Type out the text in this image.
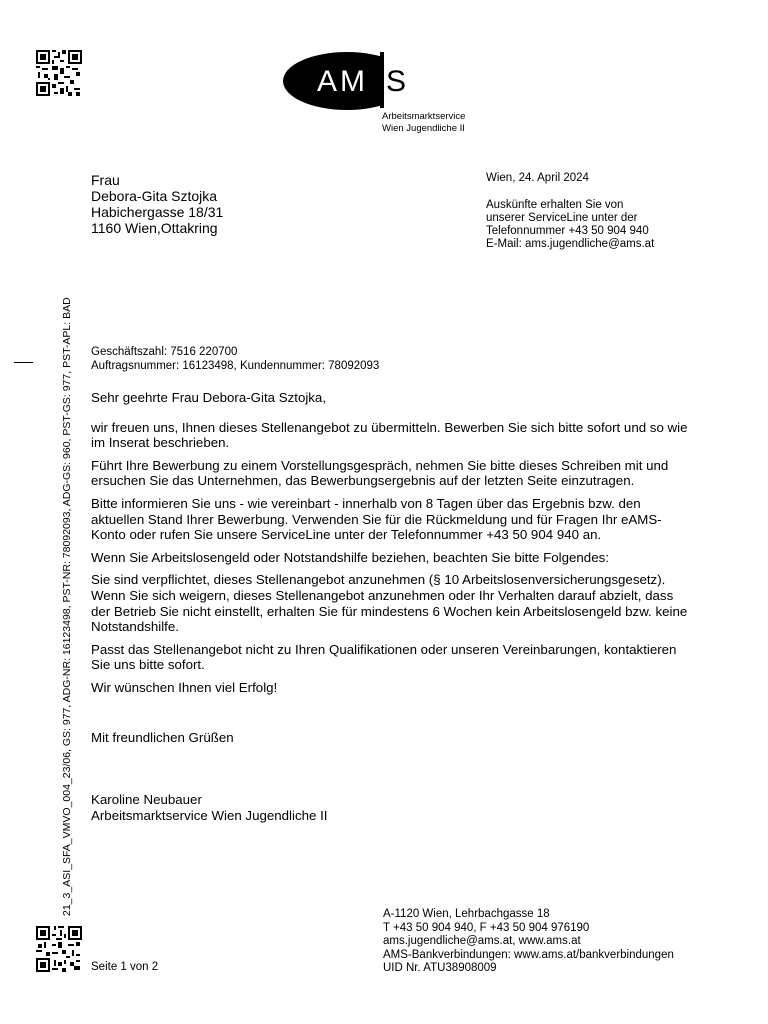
A M S
Arbeitsmarktservice
Wien Jugendliche II
Frau
Debora-Gita Sztojka
Habichergasse 18/31
1160 Wien,Ottakring
Wien, 24. April 2024
Auskünfte erhalten Sie von
unserer ServiceLine unter der
Telefonnummer +43 50 904 940
E-Mail: ams.jugendliche@ams.at
21_3_ASI_SFA_VMVO_004_23/06, GS: 977, ADG-NR: 16123498, PST-NR: 78092093, ADG-GS: 960, PST-GS: 977, PST-APL: BAD Geschäftszahl: 7516 220700
Auftragsnummer: 16123498, Kundennummer: 78092093

Sehr geehrte Frau Debora-Gita Sztojka,

wir freuen uns, Ihnen dieses Stellenangebot zu übermitteln. Bewerben Sie sich bitte sofort und so wie im Inserat beschrieben.

Führt Ihre Bewerbung zu einem Vorstellungsgespräch, nehmen Sie bitte dieses Schreiben mit und ersuchen Sie das Unternehmen, das Bewerbungsergebnis auf der letzten Seite einzutragen.

Bitte informieren Sie uns - wie vereinbart - innerhalb von 8 Tagen über das Ergebnis bzw. den aktuellen Stand Ihrer Bewerbung. Verwenden Sie für die Rückmeldung und für Fragen Ihr eAMS-Konto oder rufen Sie unsere ServiceLine unter der Telefonnummer +43 50 904 940 an.

Wenn Sie Arbeitslosengeld oder Notstandshilfe beziehen, beachten Sie bitte Folgendes:

Sie sind verpflichtet, dieses Stellenangebot anzunehmen (§ 10 Arbeitslosenversicherungsgesetz). Wenn Sie sich weigern, dieses Stellenangebot anzunehmen oder Ihr Verhalten darauf abzielt, dass der Betrieb Sie nicht einstellt, erhalten Sie für mindestens 6 Wochen kein Arbeitslosengeld bzw. keine Notstandshilfe.

Passt das Stellenangebot nicht zu Ihren Qualifikationen oder unseren Vereinbarungen, kontaktieren Sie uns bitte sofort.

Wir wünschen Ihnen viel Erfolg!

Mit freundlichen Grüßen

Karoline Neubauer
Arbeitsmarktservice Wien Jugendliche II
Seite 1 von 2
A-1120 Wien, Lehrbachgasse 18
T +43 50 904 940, F +43 50 904 976190
ams.jugendliche@ams.at, www.ams.at
AMS-Bankverbindungen: www.ams.at/bankverbindungen
UID Nr. ATU38908009
